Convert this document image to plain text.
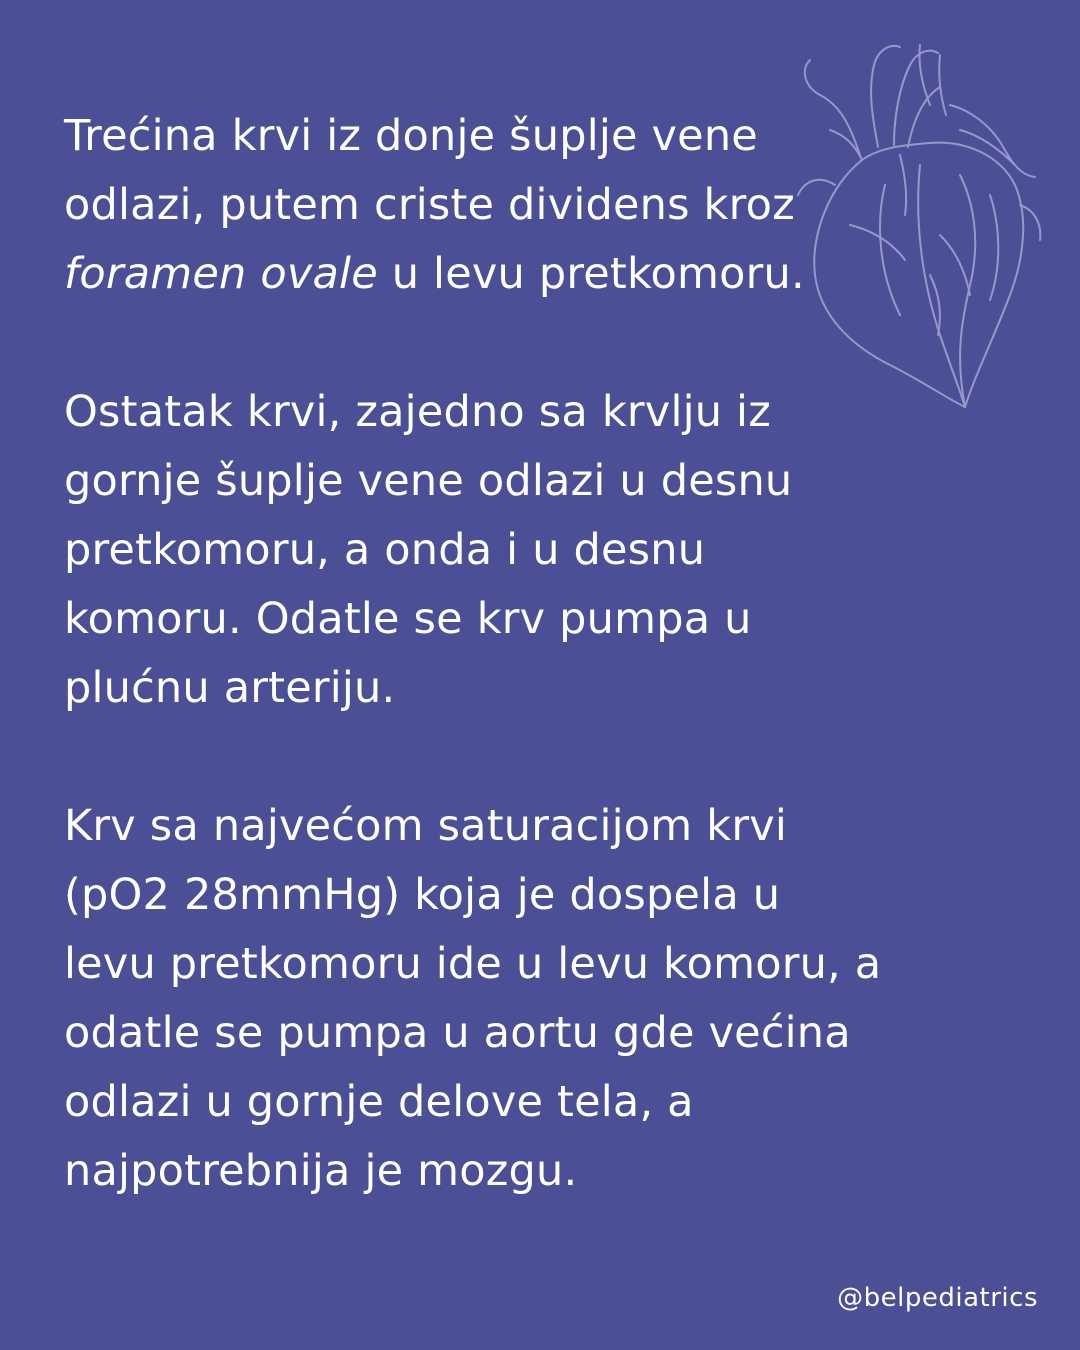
Trećina krvi iz donje šuplje vene
odlazi, putem criste dividens kroz
foramen ovale u levu pretkomoru.

Ostatak krvi, zajedno sa krvlju iz
gornje šuplje vene odlazi u desnu
pretkomoru, a onda i u desnu
komoru. Odatle se krv pumpa u
plućnu arteriju.

Krv sa najvećom saturacijom krvi
(pO2 28mmHg) koja je dospela u
levu pretkomoru ide u levu komoru, a
odatle se pumpa u aortu gde većina
odlazi u gornje delove tela, a
najpotrebnija je mozgu.

@belpediatrics
